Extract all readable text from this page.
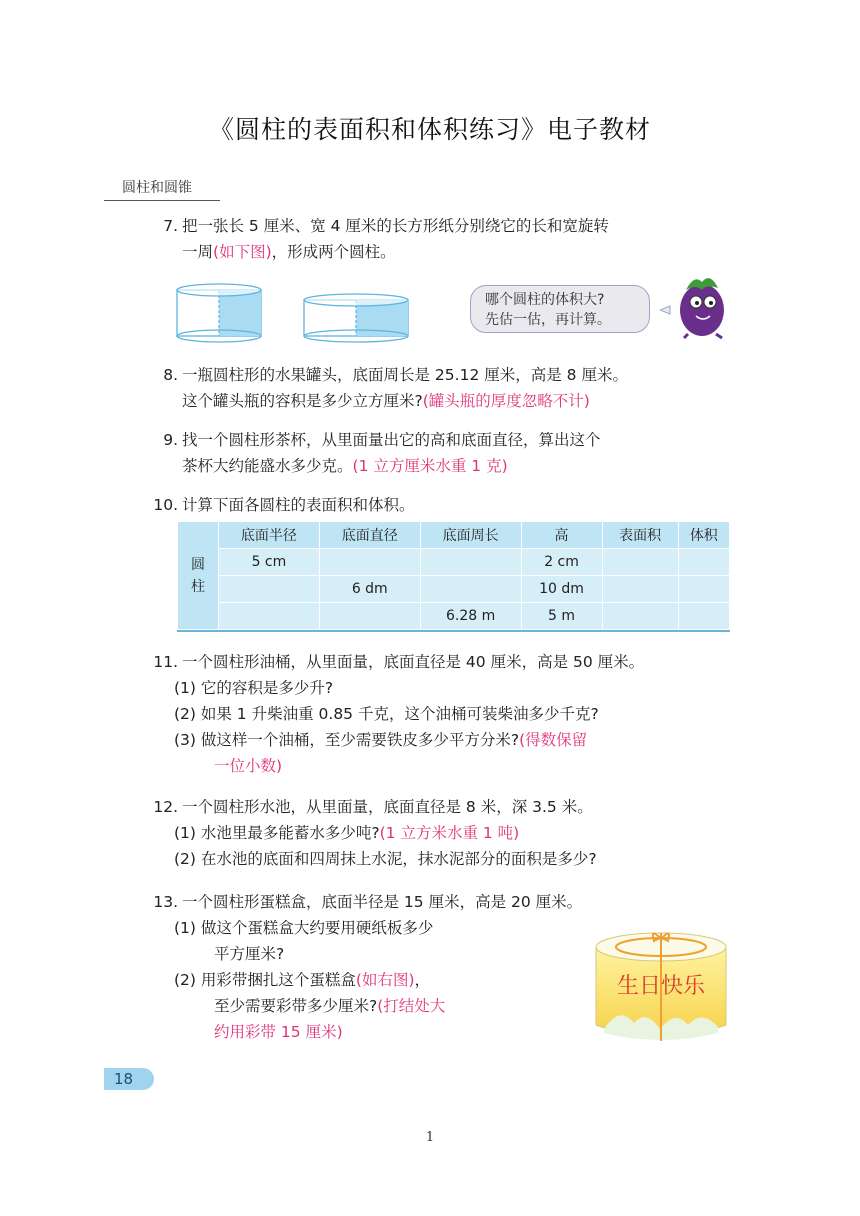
《圆柱的表面积和体积练习》电子教材
圆柱和圆锥
7. 把一张长 5 厘米、宽 4 厘米的长方形纸分别绕它的长和宽旋转
一周(如下图)，形成两个圆柱。
哪个圆柱的体积大?
先估一估，再计算。
8. 一瓶圆柱形的水果罐头，底面周长是 25.12 厘米，高是 8 厘米。
这个罐头瓶的容积是多少立方厘米?(罐头瓶的厚度忽略不计)
9. 找一个圆柱形茶杯，从里面量出它的高和底面直径，算出这个
茶杯大约能盛水多少克。(1 立方厘米水重 1 克)
10. 计算下面各圆柱的表面积和体积。
圆柱	底面半径	底面直径	底面周长	高	表面积	体积
	5 cm			2 cm		
		6 dm		10 dm		
			6.28 m	5 m		
11. 一个圆柱形油桶，从里面量，底面直径是 40 厘米，高是 50 厘米。
(1) 它的容积是多少升?
(2) 如果 1 升柴油重 0.85 千克，这个油桶可装柴油多少千克?
(3) 做这样一个油桶，至少需要铁皮多少平方分米?(得数保留
一位小数)
12. 一个圆柱形水池，从里面量，底面直径是 8 米，深 3.5 米。
(1) 水池里最多能蓄水多少吨?(1 立方米水重 1 吨)
(2) 在水池的底面和四周抹上水泥，抹水泥部分的面积是多少?
13. 一个圆柱形蛋糕盒，底面半径是 15 厘米，高是 20 厘米。
(1) 做这个蛋糕盒大约要用硬纸板多少
平方厘米?
(2) 用彩带捆扎这个蛋糕盒(如右图)，
至少需要彩带多少厘米?(打结处大
约用彩带 15 厘米)
生日快乐
18
1
